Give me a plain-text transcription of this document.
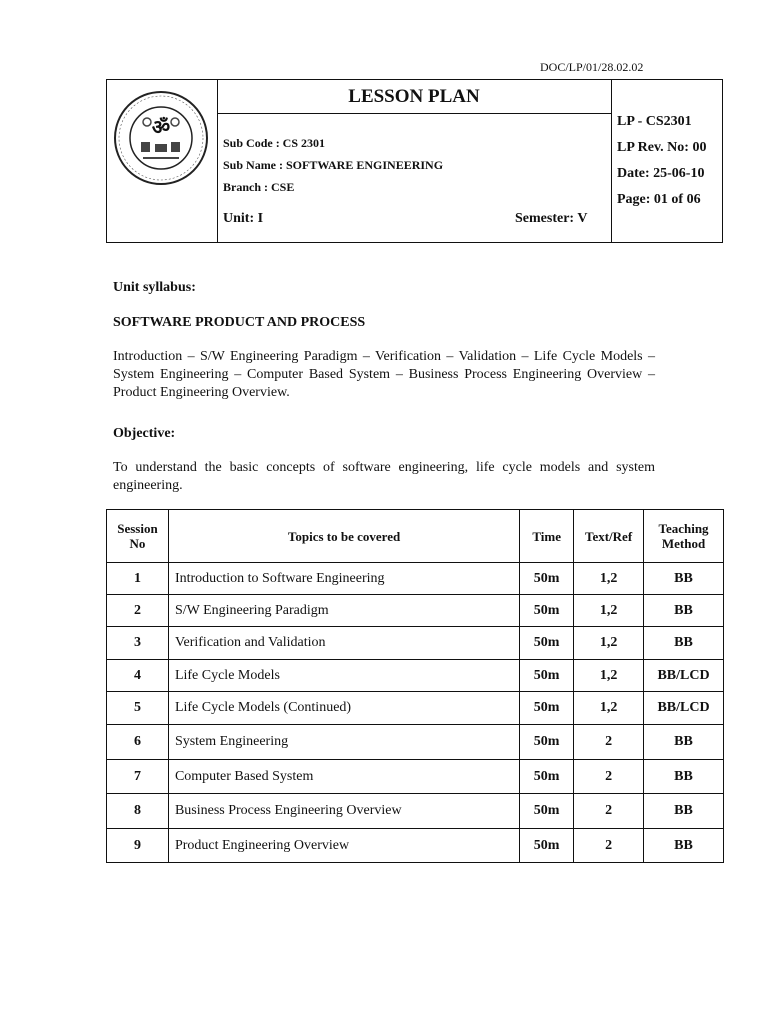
DOC/LP/01/28.02.02
ॐ
LESSON PLAN
Sub Code : CS 2301
Sub Name : SOFTWARE ENGINEERING
Branch : CSE
Unit: I	Semester: V
LP - CS2301
LP Rev. No: 00
Date: 25-06-10
Page: 01 of 06
Unit syllabus:
SOFTWARE PRODUCT AND PROCESS
Introduction – S/W Engineering Paradigm – Verification – Validation – Life Cycle Models – System Engineering – Computer Based System – Business Process Engineering Overview – Product Engineering Overview.
Objective:
To understand the basic concepts of software engineering, life cycle models and system engineering.
Session No	Topics to be covered	Time	Text/Ref	Teaching Method
1	Introduction to Software Engineering	50m	1,2	BB
2	S/W Engineering Paradigm	50m	1,2	BB
3	Verification and Validation	50m	1,2	BB
4	Life Cycle Models	50m	1,2	BB/LCD
5	Life Cycle Models (Continued)	50m	1,2	BB/LCD
6	System Engineering	50m	2	BB
7	Computer Based System	50m	2	BB
8	Business Process Engineering Overview	50m	2	BB
9	Product Engineering Overview	50m	2	BB
